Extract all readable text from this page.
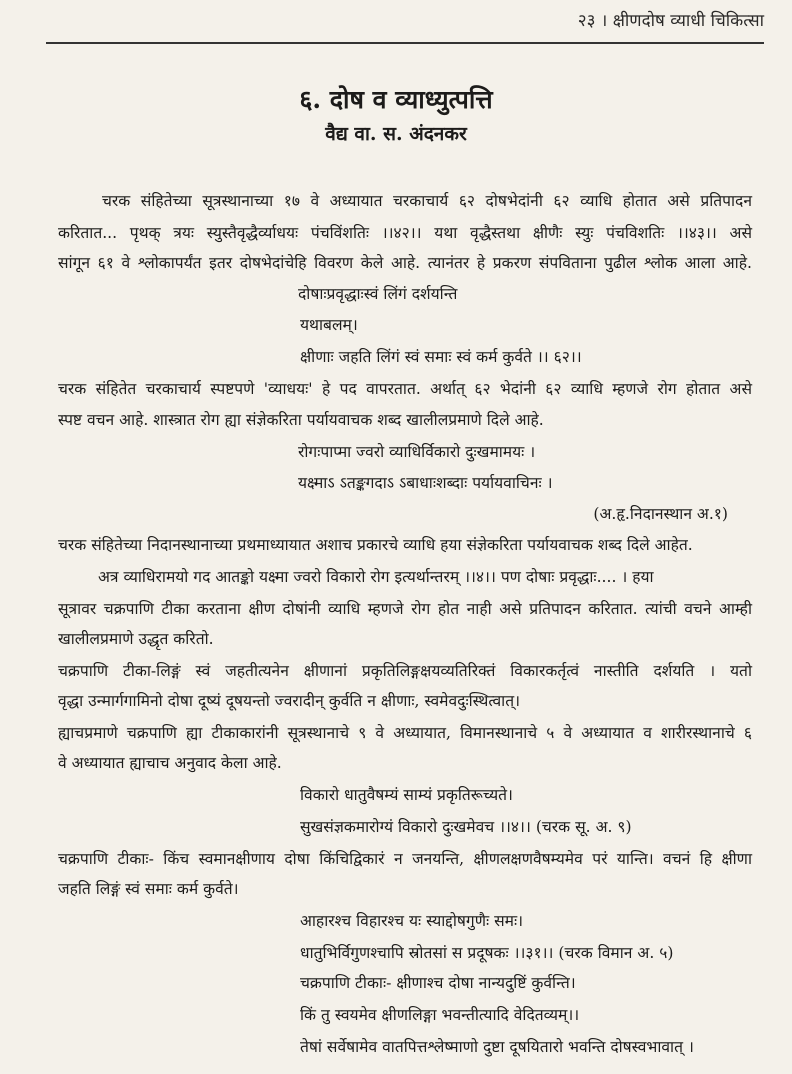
२३ । क्षीणदोष व्याधी चिकित्सा
६. दोष व व्याध्युत्पत्ति
वैद्य वा. स. अंदनकर
चरक संहितेच्या सूत्रस्थानाच्या १७ वे अध्यायात चरकाचार्य ६२ दोषभेदांनी ६२ व्याधि होतात असे प्रतिपादन
करितात... पृथक् त्रयः स्युस्तैवृद्धैर्व्याधयः पंचविंशतिः ।।४२।। यथा वृद्धैस्तथा क्षीणैः स्युः पंचविशतिः ।।४३।। असे
सांगून ६१ वे श्लोकापर्यंत इतर दोषभेदांचेहि विवरण केले आहे. त्यानंतर हे प्रकरण संपविताना पुढील श्लोक आला आहे.
दोषाःप्रवृद्धाःस्वं लिंगं दर्शयन्ति
यथाबलम्।
क्षीणाः जहति लिंगं स्वं समाः स्वं कर्म कुर्वते ।। ६२।।
चरक संहितेत चरकाचार्य स्पष्टपणे 'व्याधयः' हे पद वापरतात. अर्थात् ६२ भेदांनी ६२ व्याधि म्हणजे रोग होतात असे
स्पष्ट वचन आहे. शास्त्रात रोग ह्या संज्ञेकरिता पर्यायवाचक शब्द खालीलप्रमाणे दिले आहे.
रोगःपाप्मा ज्वरो व्याधिर्विकारो दुःखमामयः ।
यक्ष्माऽ ऽतङ्कगदाऽ ऽबाधाःशब्दाः पर्यायवाचिनः ।
(अ.हृ.निदानस्थान अ.१)
चरक संहितेच्या निदानस्थानाच्या प्रथमाध्यायात अशाच प्रकारचे व्याधि हया संज्ञेकरिता पर्यायवाचक शब्द दिले आहेत.
अत्र व्याधिरामयो गद आतङ्को यक्ष्मा ज्वरो विकारो रोग इत्यर्थान्तरम् ।।४।। पण दोषाः प्रवृद्धाः.... । हया
सूत्रावर चक्रपाणि टीका करताना क्षीण दोषांनी व्याधि म्हणजे रोग होत नाही असे प्रतिपादन करितात. त्यांची वचने आम्ही
खालीलप्रमाणे उद्धृत करितो.
चक्रपाणि टीका-लिङ्गं स्वं जहतीत्यनेन क्षीणानां प्रकृतिलिङ्गक्षयव्यतिरिक्तं विकारकर्तृत्वं नास्तीति दर्शयति । यतो
वृद्धा उन्मार्गगामिनो दोषा दूष्यं दूषयन्तो ज्वरादीन् कुर्वति न क्षीणाः, स्वमेवदुःस्थित्वात्।
ह्याचप्रमाणे चक्रपाणि ह्या टीकाकारांनी सूत्रस्थानाचे ९ वे अध्यायात, विमानस्थानाचे ५ वे अध्यायात व शारीरस्थानाचे ६
वे अध्यायात ह्याचाच अनुवाद केला आहे.
विकारो धातुवैषम्यं साम्यं प्रकृतिरूच्यते।
सुखसंज्ञकमारोग्यं विकारो दुःखमेवच ।।४।। (चरक सू. अ. ९)
चक्रपाणि टीकाः- किंच स्वमानक्षीणाय दोषा किंचिद्विकारं न जनयन्ति, क्षीणलक्षणवैषम्यमेव परं यान्ति। वचनं हि क्षीणा
जहति लिङ्गं स्वं समाः कर्म कुर्वते।
आहारश्च विहारश्च यः स्याद्दोषगुणैः समः।
धातुभिर्विगुणश्चापि स्रोतसां स प्रदूषकः ।।३१।। (चरक विमान अ. ५)
चक्रपाणि टीकाः- क्षीणाश्च दोषा नान्यदुष्टिं कुर्वन्ति।
किं तु स्वयमेव क्षीणलिङ्गा भवन्तीत्यादि वेदितव्यम्।।
तेषां सर्वेषामेव वातपित्तश्लेष्माणो दुष्टा दूषयितारो भवन्ति दोषस्वभावात् ।
